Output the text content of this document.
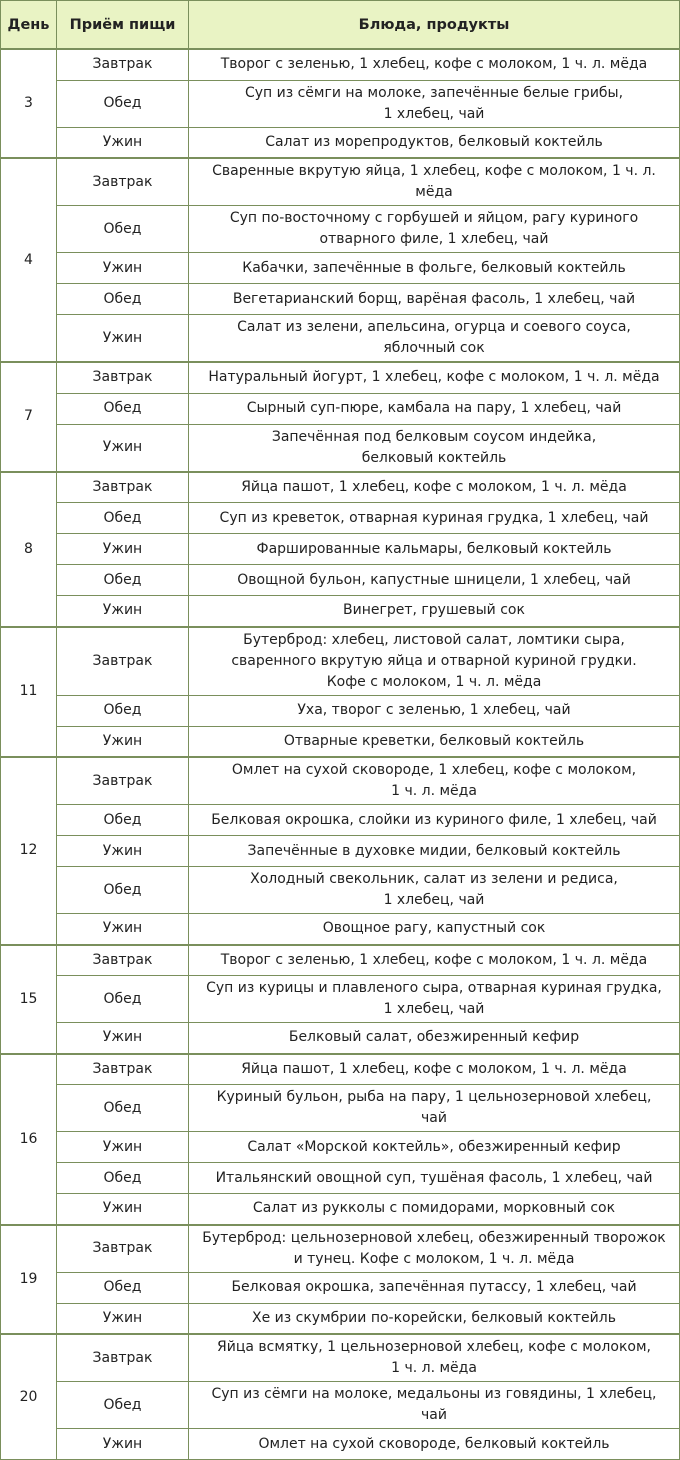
День	Приём пищи	Блюда, продукты
3	Завтрак	Творог с зеленью, 1 хлебец, кофе с молоком, 1 ч. л. мёда
	Обед	Суп из сёмги на молоке, запечённые белые грибы,
1 хлебец, чай
	Ужин	Салат из морепродуктов, белковый коктейль
4	Завтрак	Сваренные вкрутую яйца, 1 хлебец, кофе с молоком, 1 ч. л.
мёда
	Обед	Суп по-восточному с горбушей и яйцом, рагу куриного
отварного филе, 1 хлебец, чай
	Ужин	Кабачки, запечённые в фольге, белковый коктейль
	Обед	Вегетарианский борщ, варёная фасоль, 1 хлебец, чай
	Ужин	Салат из зелени, апельсина, огурца и соевого соуса,
яблочный сок
7	Завтрак	Натуральный йогурт, 1 хлебец, кофе с молоком, 1 ч. л. мёда
	Обед	Сырный суп-пюре, камбала на пару, 1 хлебец, чай
	Ужин	Запечённая под белковым соусом индейка,
белковый коктейль
8	Завтрак	Яйца пашот, 1 хлебец, кофе с молоком, 1 ч. л. мёда
	Обед	Суп из креветок, отварная куриная грудка, 1 хлебец, чай
	Ужин	Фаршированные кальмары, белковый коктейль
	Обед	Овощной бульон, капустные шницели, 1 хлебец, чай
	Ужин	Винегрет, грушевый сок
11	Завтрак	Бутерброд: хлебец, листовой салат, ломтики сыра,
сваренного вкрутую яйца и отварной куриной грудки.
Кофе с молоком, 1 ч. л. мёда
	Обед	Уха, творог с зеленью, 1 хлебец, чай
	Ужин	Отварные креветки, белковый коктейль
12	Завтрак	Омлет на сухой сковороде, 1 хлебец, кофе с молоком,
1 ч. л. мёда
	Обед	Белковая окрошка, слойки из куриного филе, 1 хлебец, чай
	Ужин	Запечённые в духовке мидии, белковый коктейль
	Обед	Холодный свекольник, салат из зелени и редиса,
1 хлебец, чай
	Ужин	Овощное рагу, капустный сок
15	Завтрак	Творог с зеленью, 1 хлебец, кофе с молоком, 1 ч. л. мёда
	Обед	Суп из курицы и плавленого сыра, отварная куриная грудка,
1 хлебец, чай
	Ужин	Белковый салат, обезжиренный кефир
16	Завтрак	Яйца пашот, 1 хлебец, кофе с молоком, 1 ч. л. мёда
	Обед	Куриный бульон, рыба на пару, 1 цельнозерновой хлебец,
чай
	Ужин	Салат «Морской коктейль», обезжиренный кефир
	Обед	Итальянский овощной суп, тушёная фасоль, 1 хлебец, чай
	Ужин	Салат из рукколы с помидорами, морковный сок
19	Завтрак	Бутерброд: цельнозерновой хлебец, обезжиренный творожок
и тунец. Кофе с молоком, 1 ч. л. мёда
	Обед	Белковая окрошка, запечённая путассу, 1 хлебец, чай
	Ужин	Хе из скумбрии по-корейски, белковый коктейль
20	Завтрак	Яйца всмятку, 1 цельнозерновой хлебец, кофе с молоком,
1 ч. л. мёда
	Обед	Суп из сёмги на молоке, медальоны из говядины, 1 хлебец,
чай
	Ужин	Омлет на сухой сковороде, белковый коктейль
